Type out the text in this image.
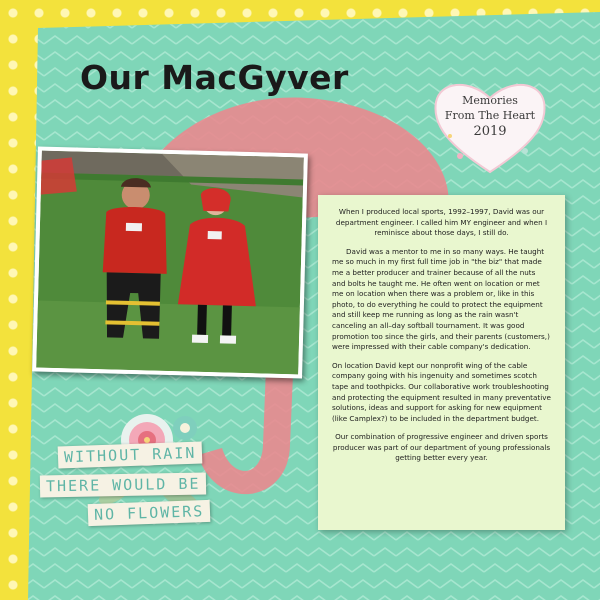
Our MacGyver
Memories
From The Heart
2019

When I produced local sports, 1992–1997, David was our department engineer. I called him MY engineer and when I reminisce about those days, I still do.

David was a mentor to me in so many ways. He taught me so much in my first full time job in "the biz" that made me a better producer and trainer because of all the nuts and bolts he taught me. He often went on location or met me on location when there was a problem or, like in this photo, to do everything he could to protect the equipment and still keep me running as long as the rain wasn't canceling an all–day softball tournament. It was good promotion too since the girls, and their parents (customers,) were impressed with their cable company's dedication.

On location David kept our nonprofit wing of the cable company going with his ingenuity and sometimes scotch tape and toothpicks. Our collaborative work troubleshooting and protecting the equipment resulted in many preventative solutions, ideas and support for asking for new equipment (like Camplex?) to be included in the department budget.

Our combination of progressive engineer and driven sports producer was part of our department of young professionals getting better every year.

WITHOUT RAIN
THERE WOULD BE
NO FLOWERS
